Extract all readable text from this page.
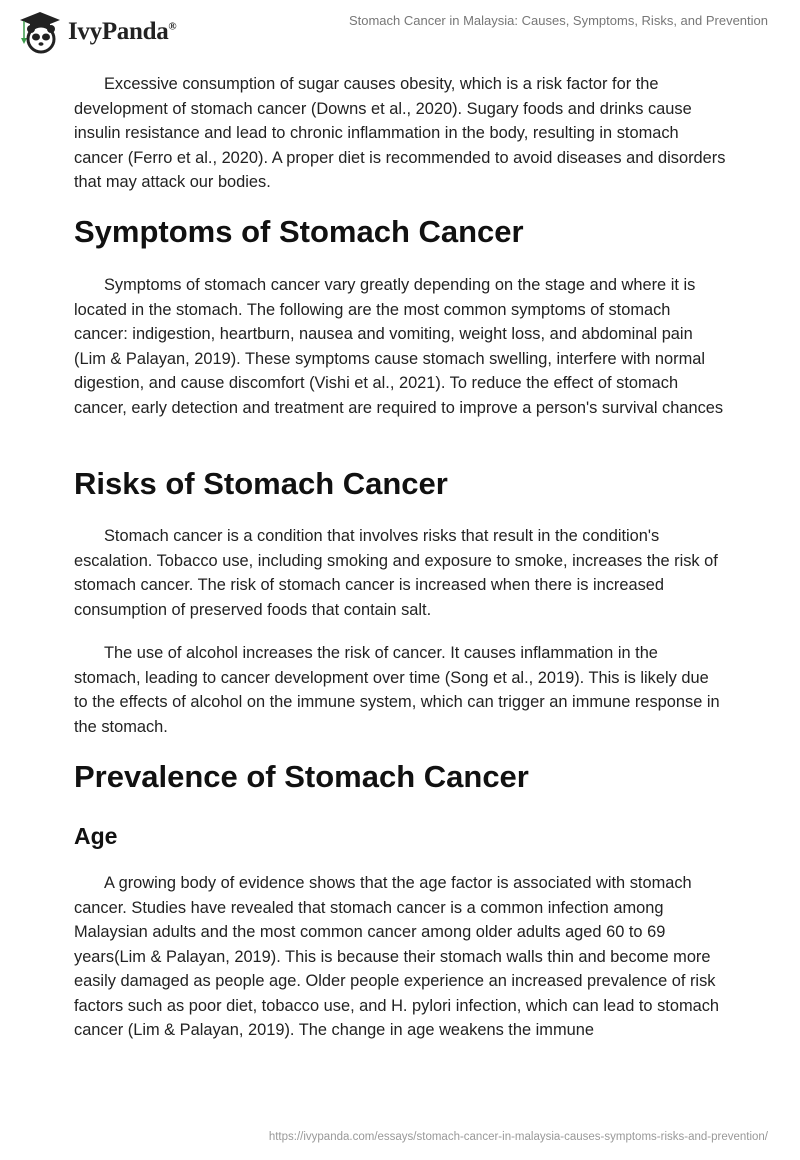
IvyPanda®	Stomach Cancer in Malaysia: Causes, Symptoms, Risks, and Prevention

Excessive consumption of sugar causes obesity, which is a risk factor for the development of stomach cancer (Downs et al., 2020). Sugary foods and drinks cause insulin resistance and lead to chronic inflammation in the body, resulting in stomach cancer (Ferro et al., 2020). A proper diet is recommended to avoid diseases and disorders that may attack our bodies.

Symptoms of Stomach Cancer

Symptoms of stomach cancer vary greatly depending on the stage and where it is located in the stomach. The following are the most common symptoms of stomach cancer: indigestion, heartburn, nausea and vomiting, weight loss, and abdominal pain (Lim & Palayan, 2019). These symptoms cause stomach swelling, interfere with normal digestion, and cause discomfort (Vishi et al., 2021). To reduce the effect of stomach cancer, early detection and treatment are required to improve a person's survival chances

Risks of Stomach Cancer

Stomach cancer is a condition that involves risks that result in the condition's escalation. Tobacco use, including smoking and exposure to smoke, increases the risk of stomach cancer. The risk of stomach cancer is increased when there is increased consumption of preserved foods that contain salt.

The use of alcohol increases the risk of cancer. It causes inflammation in the stomach, leading to cancer development over time (Song et al., 2019). This is likely due to the effects of alcohol on the immune system, which can trigger an immune response in the stomach.

Prevalence of Stomach Cancer
Age

A growing body of evidence shows that the age factor is associated with stomach cancer. Studies have revealed that stomach cancer is a common infection among Malaysian adults and the most common cancer among older adults aged 60 to 69 years(Lim & Palayan, 2019). This is because their stomach walls thin and become more easily damaged as people age. Older people experience an increased prevalence of risk factors such as poor diet, tobacco use, and H. pylori infection, which can lead to stomach cancer (Lim & Palayan, 2019). The change in age weakens the immune

https://ivypanda.com/essays/stomach-cancer-in-malaysia-causes-symptoms-risks-and-prevention/
